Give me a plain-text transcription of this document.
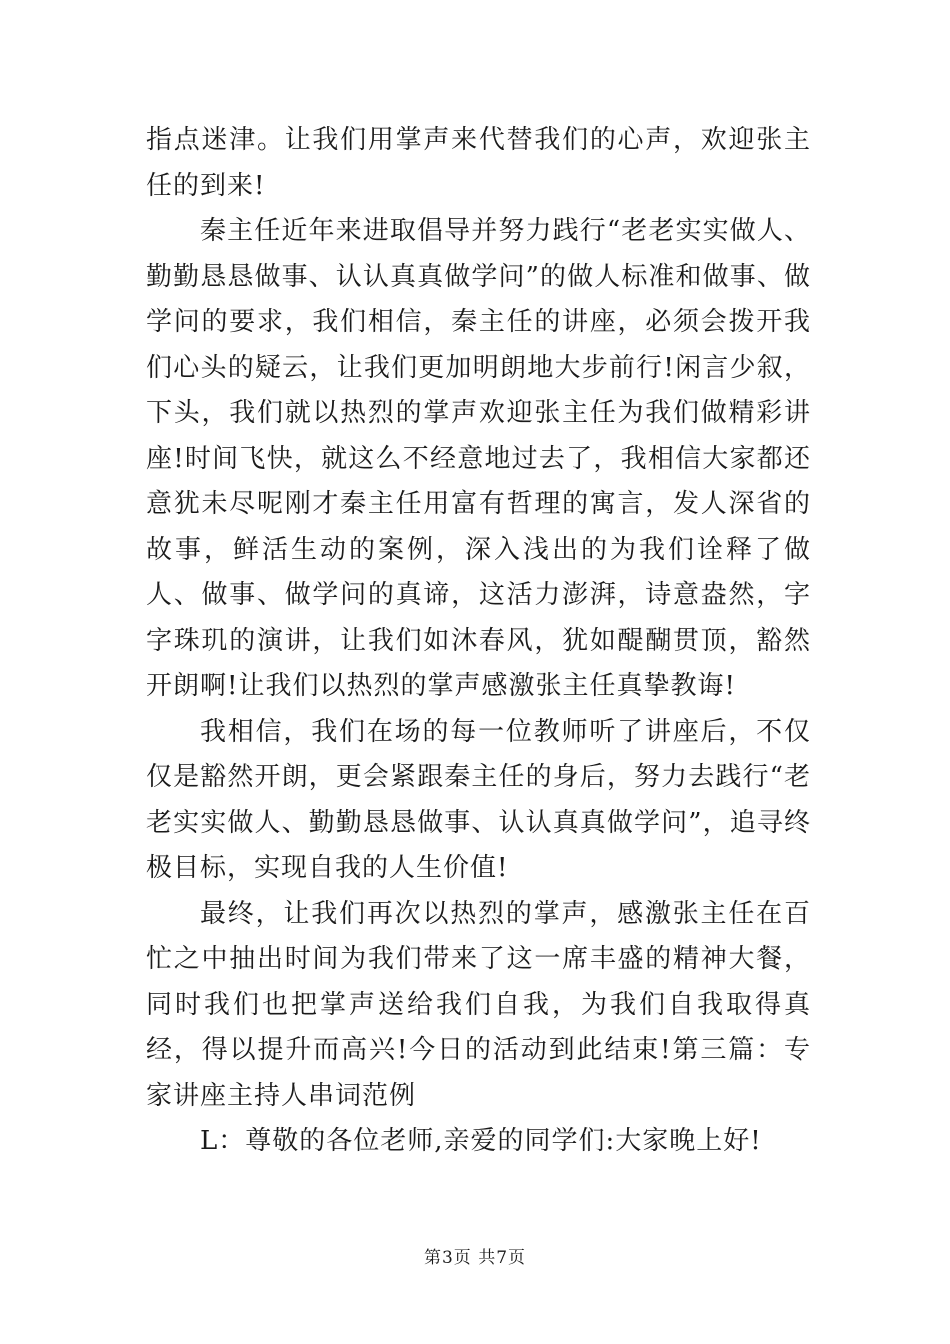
指点迷津。让我们用掌声来代替我们的心声，欢迎张主任的到来!

秦主任近年来进取倡导并努力践行“老老实实做人、勤勤恳恳做事、认认真真做学问”的做人标准和做事、做学问的要求，我们相信，秦主任的讲座，必须会拨开我们心头的疑云，让我们更加明朗地大步前行!闲言少叙，下头，我们就以热烈的掌声欢迎张主任为我们做精彩讲座!时间飞快，就这么不经意地过去了，我相信大家都还意犹未尽呢刚才秦主任用富有哲理的寓言，发人深省的故事，鲜活生动的案例，深入浅出的为我们诠释了做人、做事、做学问的真谛，这活力澎湃，诗意盎然，字字珠玑的演讲，让我们如沐春风，犹如醍醐贯顶，豁然开朗啊!让我们以热烈的掌声感激张主任真挚教诲!

我相信，我们在场的每一位教师听了讲座后，不仅仅是豁然开朗，更会紧跟秦主任的身后，努力去践行“老老实实做人、勤勤恳恳做事、认认真真做学问”，追寻终极目标，实现自我的人生价值!

最终，让我们再次以热烈的掌声，感激张主任在百忙之中抽出时间为我们带来了这一席丰盛的精神大餐，同时我们也把掌声送给我们自我，为我们自我取得真经，得以提升而高兴!今日的活动到此结束!第三篇：专家讲座主持人串词范例

L：尊敬的各位老师,亲爱的同学们:大家晚上好!

第3页 共7页
